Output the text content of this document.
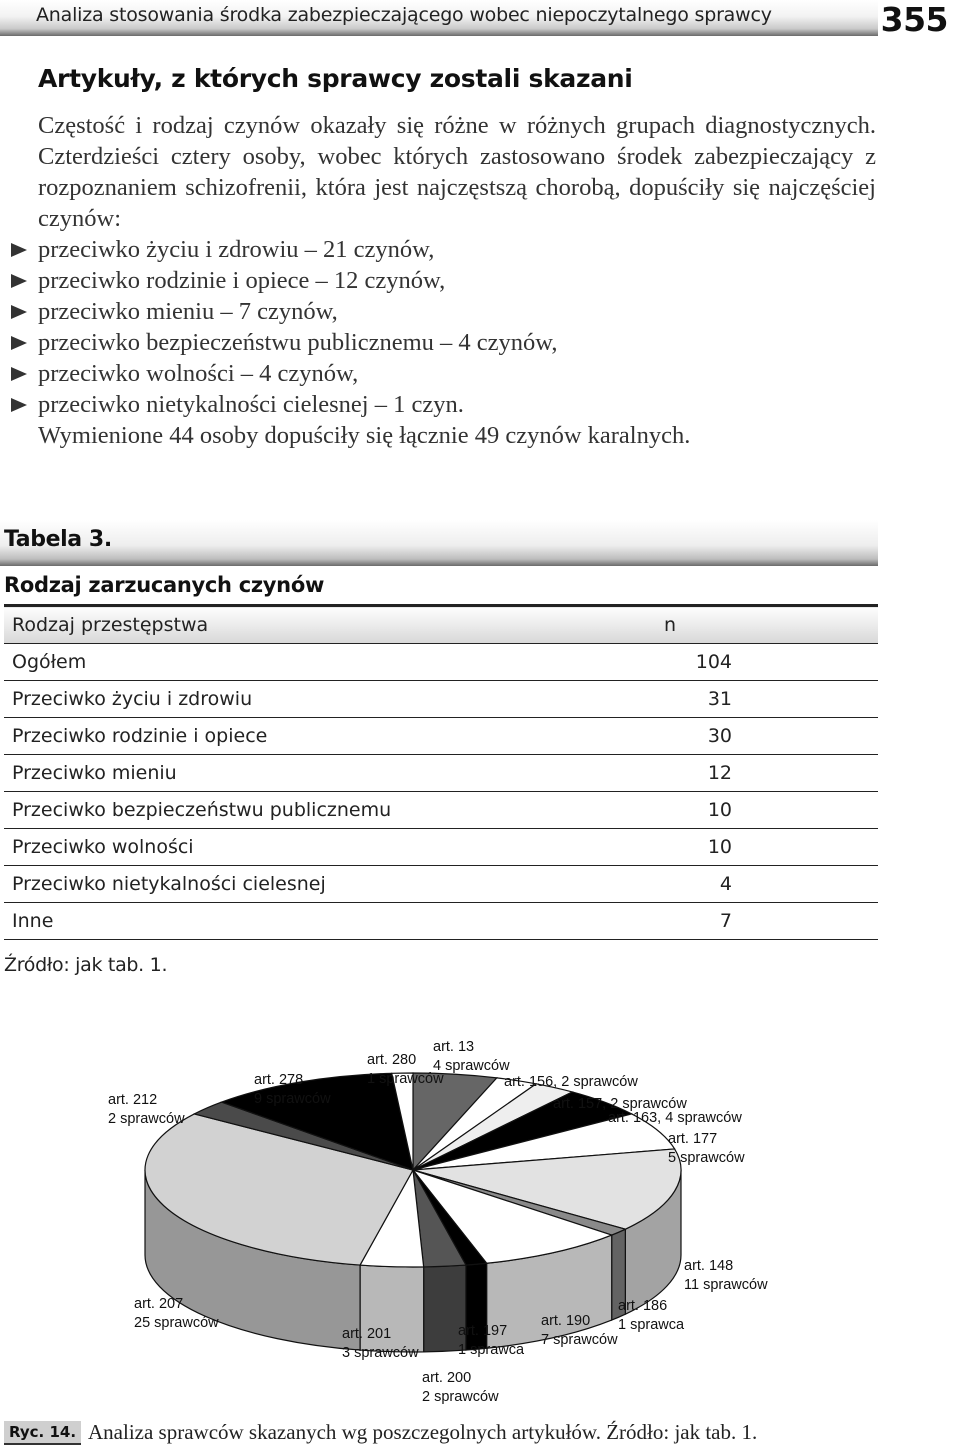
Analiza stosowania środka zabezpieczającego wobec niepoczytalnego sprawcy	355
Artykuły, z których sprawcy zostali skazani

Częstość i rodzaj czynów okazały się różne w różnych grupach diagnostycznych. Czterdzieści cztery osoby, wobec których zastosowano środek zabezpieczający z rozpoznaniem schizofrenii, która jest najczęstszą chorobą, dopuściły się najczęściej czynów:

przeciwko życiu i zdrowiu – 21 czynów,
przeciwko rodzinie i opiece – 12 czynów,
przeciwko mieniu – 7 czynów,
przeciwko bezpieczeństwu publicznemu – 4 czynów,
przeciwko wolności – 4 czynów,
przeciwko nietykalności cielesnej – 1 czyn.

Wymienione 44 osoby dopuściły się łącznie 49 czynów karalnych.

Tabela 3.
Rodzaj zarzucanych czynów
Rodzaj przestępstwa	n
Ogółem	104
Przeciwko życiu i zdrowiu	31
Przeciwko rodzinie i opiece	30
Przeciwko mieniu	12
Przeciwko bezpieczeństwu publicznemu	10
Przeciwko wolności	10
Przeciwko nietykalności cielesnej	4
Inne	7
Źródło: jak tab. 1.
art. 13
4 sprawców
art. 156, 2 sprawców
art. 157, 2 sprawców
art. 163, 4 sprawców
art. 177
5 sprawców
art. 148
11 sprawców
art. 186
1 sprawca
art. 190
7 sprawców
art. 197
1 sprawca
art. 200
2 sprawców
art. 201
3 sprawców
art. 207
25 sprawców
art. 212
2 sprawców
art. 278
9 sprawców
art. 280
1 sprawców
Ryc. 14. Analiza sprawców skazanych wg poszczegolnych artykułów. Źródło: jak tab. 1.
